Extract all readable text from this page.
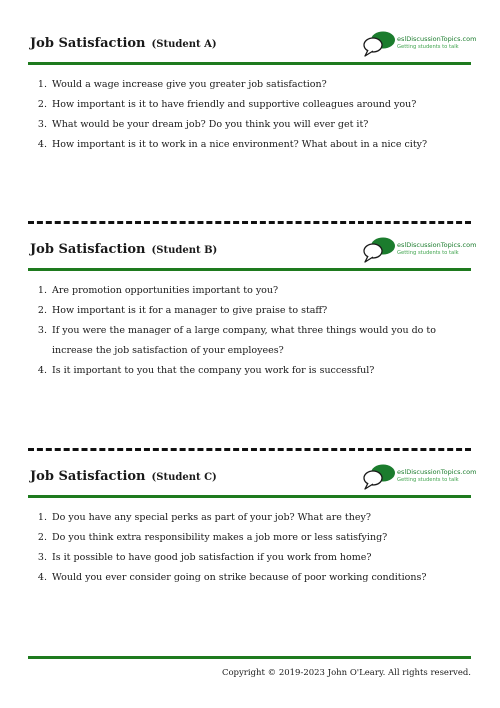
Job Satisfaction (Student A)	eslDiscussionTopics.com
Getting students to talk
1. Would a wage increase give you greater job satisfaction?
2. How important is it to have friendly and supportive colleagues around you?
3. What would be your dream job? Do you think you will ever get it?
4. How important is it to work in a nice environment? What about in a nice city?
Job Satisfaction (Student B)	eslDiscussionTopics.com
Getting students to talk
1. Are promotion opportunities important to you?
2. How important is it for a manager to give praise to staff?
3. If you were the manager of a large company, what three things would you do to increase the job satisfaction of your employees?
4. Is it important to you that the company you work for is successful?
Job Satisfaction (Student C)	eslDiscussionTopics.com
Getting students to talk
1. Do you have any special perks as part of your job? What are they?
2. Do you think extra responsibility makes a job more or less satisfying?
3. Is it possible to have good job satisfaction if you work from home?
4. Would you ever consider going on strike because of poor working conditions?
Copyright © 2019-2023 John O'Leary. All rights reserved.
